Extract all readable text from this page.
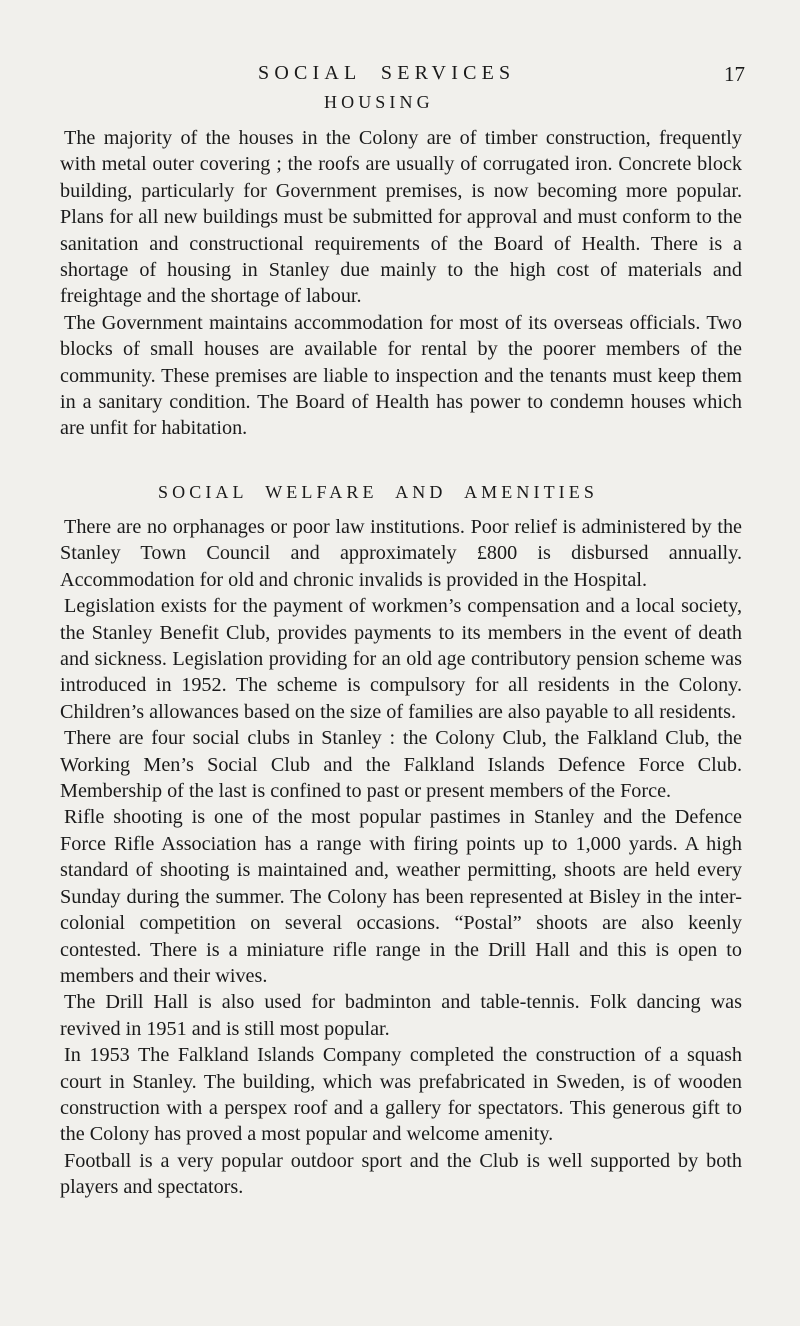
SOCIAL SERVICES	17
HOUSING

The majority of the houses in the Colony are of timber construction, frequently with metal outer covering ; the roofs are usually of corrugated iron. Concrete block building, particularly for Government premises, is now becoming more popular. Plans for all new buildings must be submitted for approval and must conform to the sanitation and constructional requirements of the Board of Health. There is a shortage of housing in Stanley due mainly to the high cost of materials and freightage and the shortage of labour.

The Government maintains accommodation for most of its overseas officials. Two blocks of small houses are available for rental by the poorer members of the community. These premises are liable to inspection and the tenants must keep them in a sanitary condition. The Board of Health has power to condemn houses which are unfit for habitation.

SOCIAL WELFARE AND AMENITIES

There are no orphanages or poor law institutions. Poor relief is administered by the Stanley Town Council and approximately £800 is disbursed annually. Accommodation for old and chronic invalids is provided in the Hospital.

Legislation exists for the payment of workmen’s compensation and a local society, the Stanley Benefit Club, provides payments to its members in the event of death and sickness. Legislation providing for an old age contributory pension scheme was introduced in 1952. The scheme is compulsory for all residents in the Colony. Children’s allowances based on the size of families are also payable to all residents.

There are four social clubs in Stanley : the Colony Club, the Falkland Club, the Working Men’s Social Club and the Falkland Islands Defence Force Club. Membership of the last is confined to past or present members of the Force.

Rifle shooting is one of the most popular pastimes in Stanley and the Defence Force Rifle Association has a range with firing points up to 1,000 yards. A high standard of shooting is maintained and, weather permitting, shoots are held every Sunday during the summer. The Colony has been represented at Bisley in the inter-colonial competition on several occasions. “Postal” shoots are also keenly contested. There is a miniature rifle range in the Drill Hall and this is open to members and their wives.

The Drill Hall is also used for badminton and table-tennis. Folk dancing was revived in 1951 and is still most popular.

In 1953 The Falkland Islands Company completed the construction of a squash court in Stanley. The building, which was prefabricated in Sweden, is of wooden construction with a perspex roof and a gallery for spectators. This generous gift to the Colony has proved a most popular and welcome amenity.

Football is a very popular outdoor sport and the Club is well supported by both players and spectators.
